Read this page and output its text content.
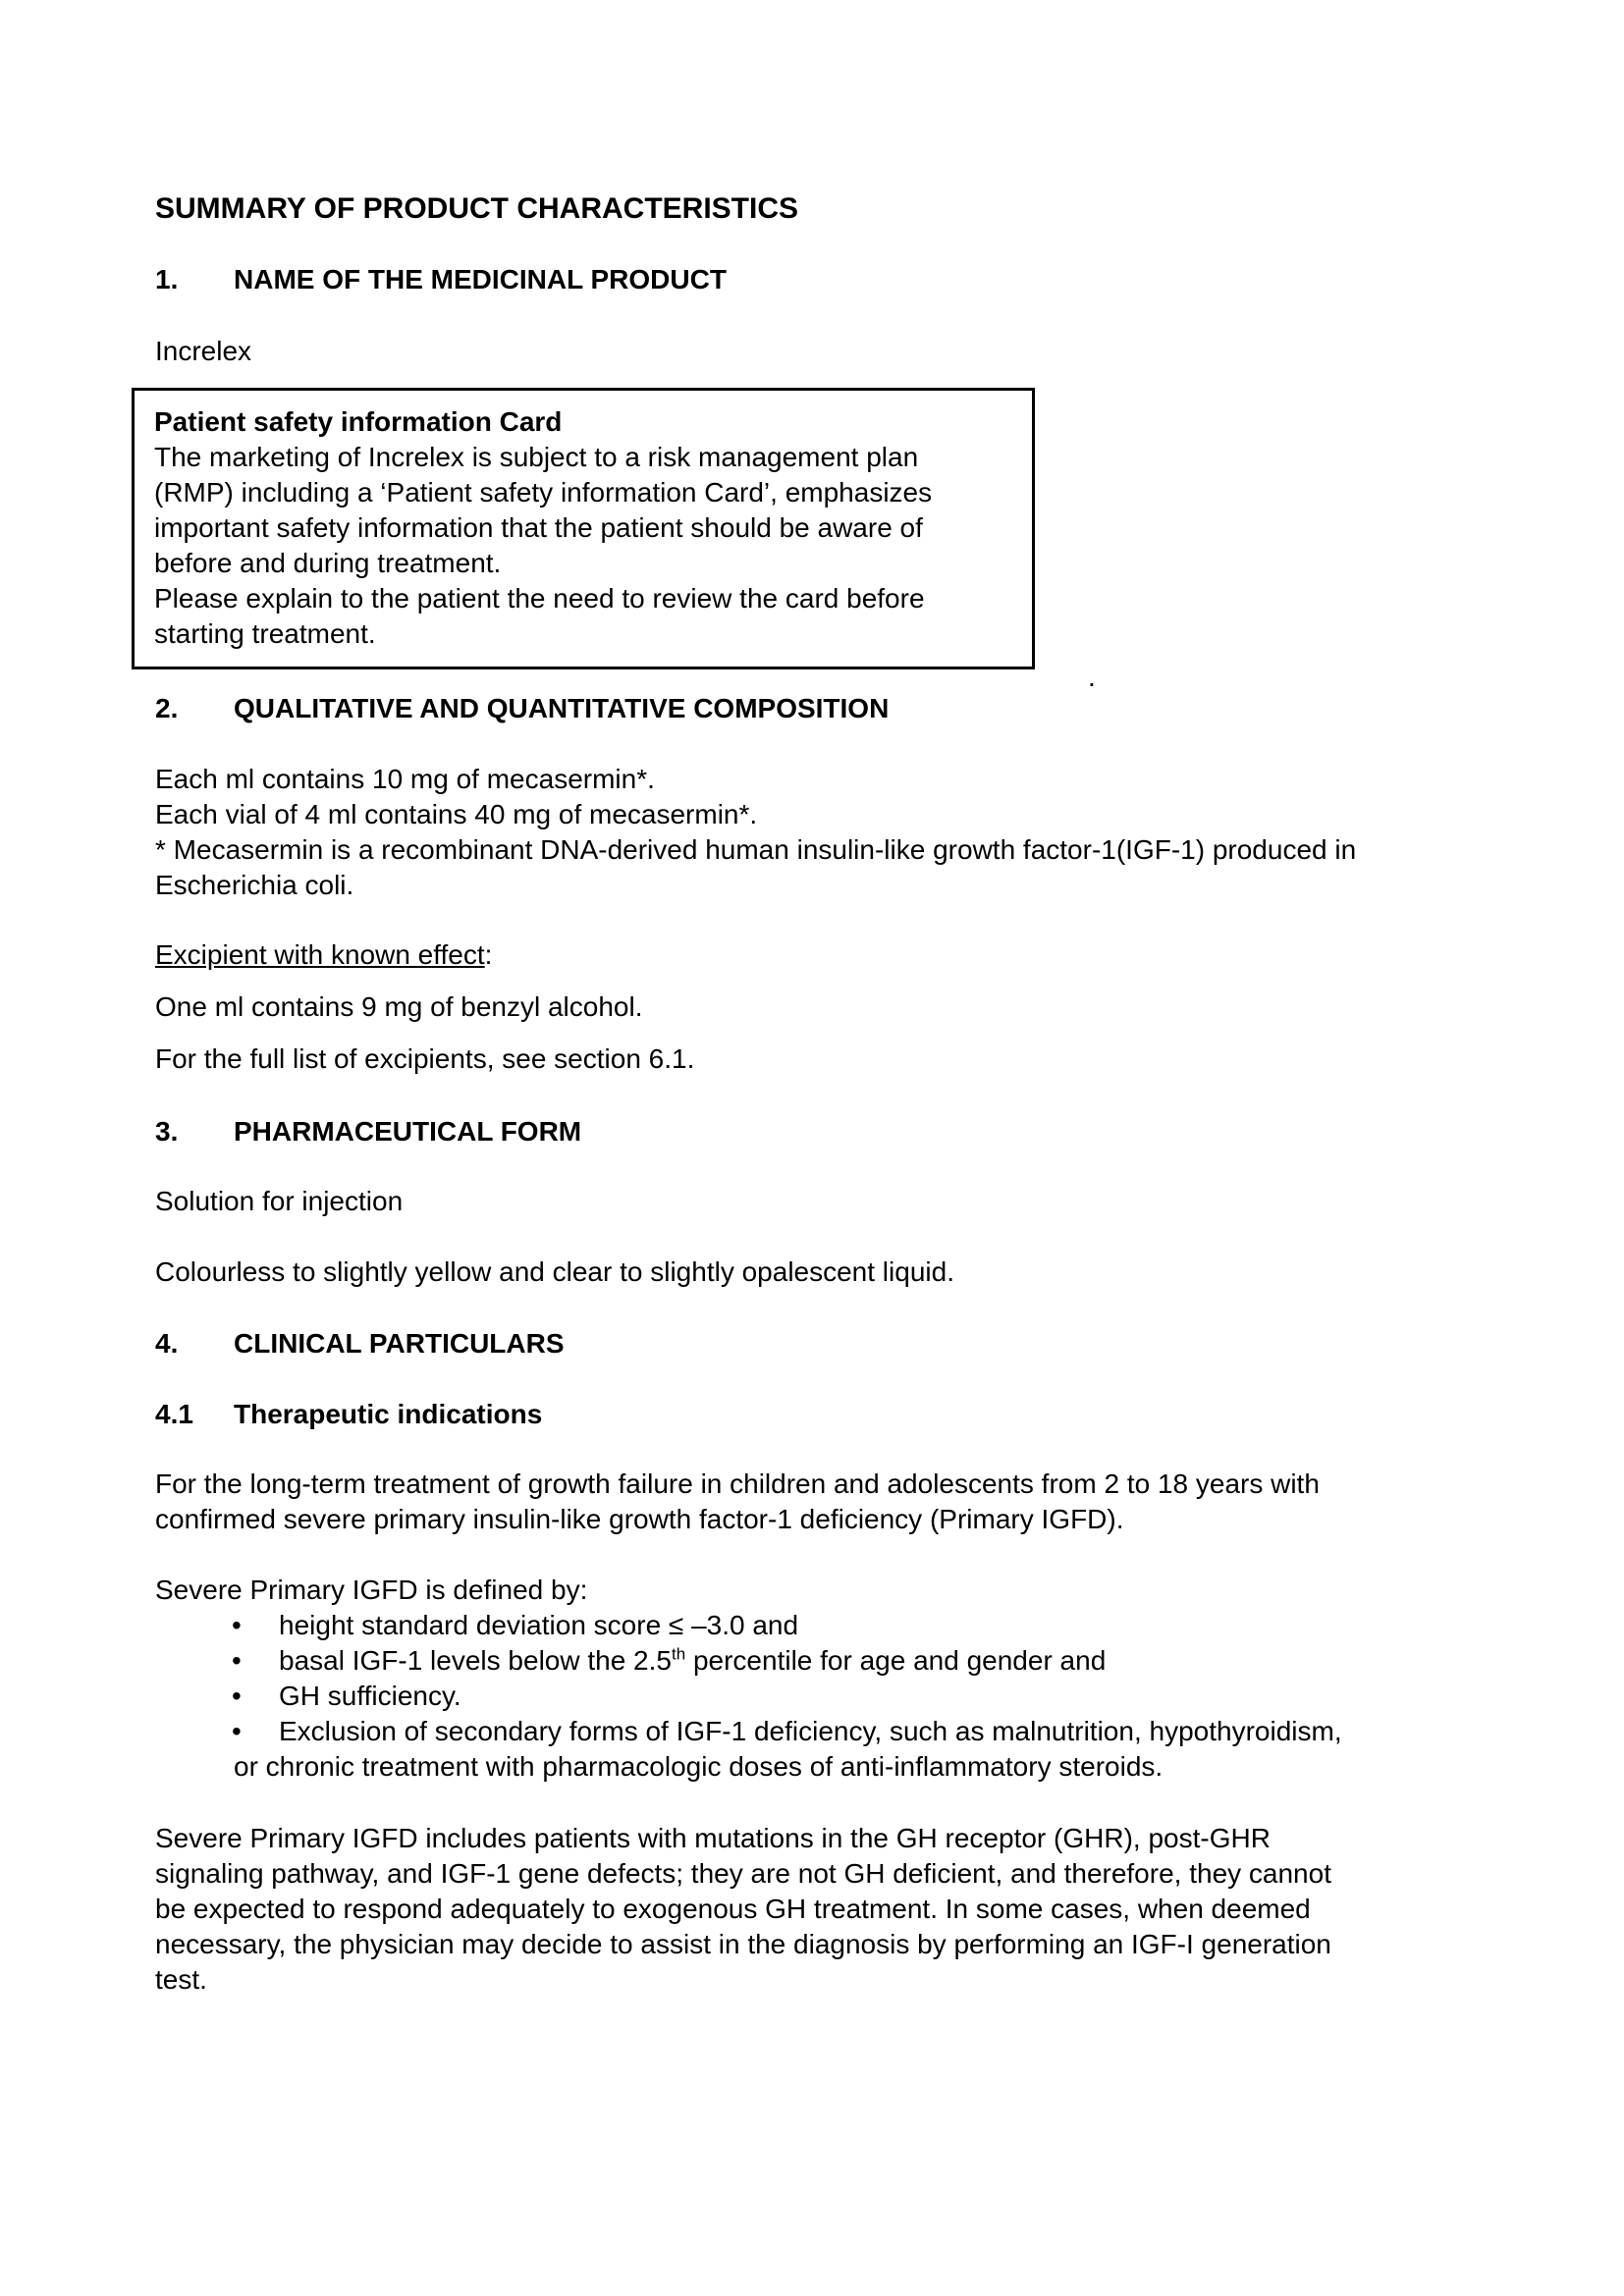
SUMMARY OF PRODUCT CHARACTERISTICS
1. NAME OF THE MEDICINAL PRODUCT

Increlex

Patient safety information Card
The marketing of Increlex is subject to a risk management plan
(RMP) including a ‘Patient safety information Card’, emphasizes
important safety information that the patient should be aware of
before and during treatment.
Please explain to the patient the need to review the card before
starting treatment.
.
2. QUALITATIVE AND QUANTITATIVE COMPOSITION

Each ml contains 10 mg of mecasermin*.

Each vial of 4 ml contains 40 mg of mecasermin*.

* Mecasermin is a recombinant DNA-derived human insulin-like growth factor-1(IGF-1) produced in

Escherichia coli.

Excipient with known effect:

One ml contains 9 mg of benzyl alcohol.

For the full list of excipients, see section 6.1.

3. PHARMACEUTICAL FORM

Solution for injection

Colourless to slightly yellow and clear to slightly opalescent liquid.

4. CLINICAL PARTICULARS
4.1 Therapeutic indications

For the long-term treatment of growth failure in children and adolescents from 2 to 18 years with

confirmed severe primary insulin-like growth factor-1 deficiency (Primary IGFD).

Severe Primary IGFD is defined by:

• height standard deviation score ≤ –3.0 and
• basal IGF-1 levels below the 2.5th percentile for age and gender and
• GH sufficiency.
• Exclusion of secondary forms of IGF-1 deficiency, such as malnutrition, hypothyroidism,

or chronic treatment with pharmacologic doses of anti-inflammatory steroids.

Severe Primary IGFD includes patients with mutations in the GH receptor (GHR), post-GHR

signaling pathway, and IGF-1 gene defects; they are not GH deficient, and therefore, they cannot

be expected to respond adequately to exogenous GH treatment. In some cases, when deemed

necessary, the physician may decide to assist in the diagnosis by performing an IGF-I generation

test.
